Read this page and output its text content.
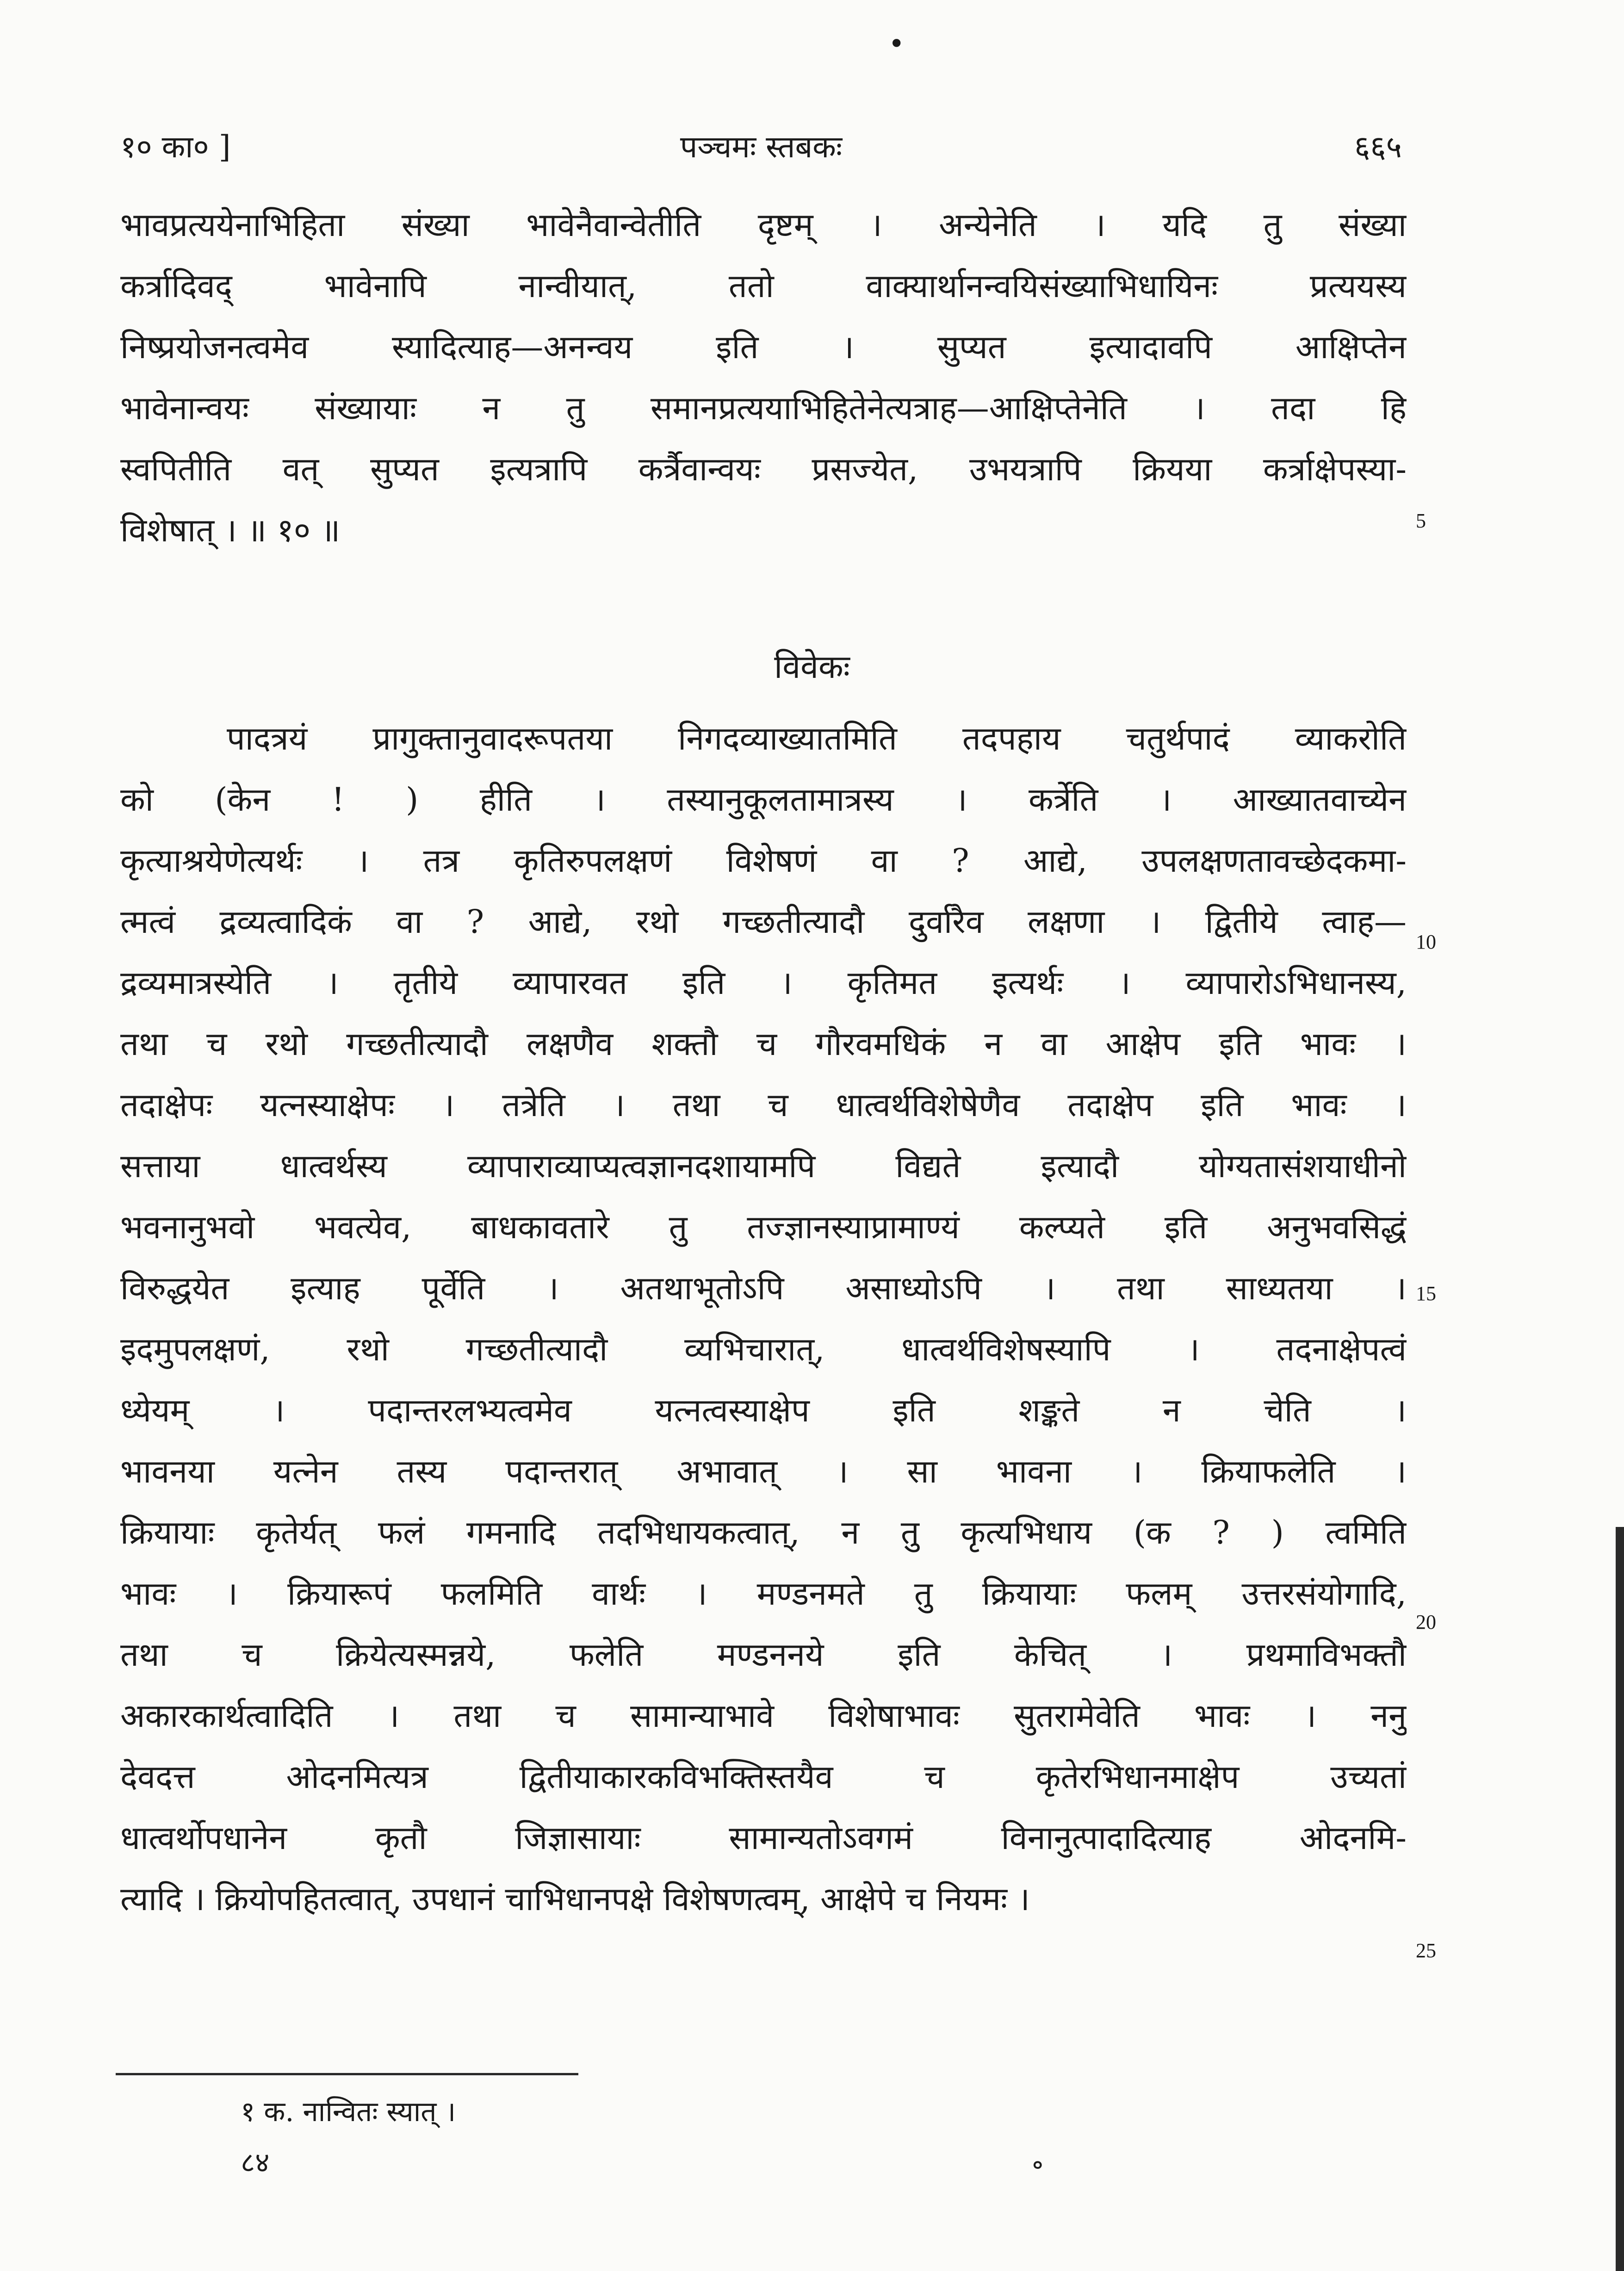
१० का० ]	पञ्चमः स्तबकः	६६५
•
भावप्रत्ययेनाभिहिता संख्या भावेनैवान्वेतीति दृष्टम् । अन्येनेति । यदि तु संख्या
कर्त्रादिवद् भावेनापि नान्वीयात्, ततो वाक्यार्थानन्वयिसंख्याभिधायिनः प्रत्ययस्य
निष्प्रयोजनत्वमेव स्यादित्याह—अनन्वय इति । सुप्यत इत्यादावपि आक्षिप्तेन
भावेनान्वयः संख्यायाः न तु समानप्रत्ययाभिहितेनेत्यत्राह—आक्षिप्तेनेति । तदा हि
स्वपितीति वत् सुप्यत इत्यत्रापि कर्त्रैवान्वयः प्रसज्येत, उभयत्रापि क्रियया कर्त्राक्षेपस्या-
विशेषात् । ॥ १० ॥
विवेकः
पादत्रयं प्रागुक्तानुवादरूपतया निगदव्याख्यातमिति तदपहाय चतुर्थपादं व्याकरोति
को (केन ! ) हीति । तस्यानुकूलतामात्रस्य । कर्त्रेति । आख्यातवाच्येन
कृत्याश्रयेणेत्यर्थः । तत्र कृतिरुपलक्षणं विशेषणं वा ? आद्ये, उपलक्षणतावच्छेदकमा-
त्मत्वं द्रव्यत्वादिकं वा ? आद्ये, रथो गच्छतीत्यादौ दुर्वारैव लक्षणा । द्वितीये त्वाह—
द्रव्यमात्रस्येति । तृतीये व्यापारवत इति । कृतिमत इत्यर्थः । व्यापारोऽभिधानस्य,
तथा च रथो गच्छतीत्यादौ लक्षणैव शक्तौ च गौरवमधिकं न वा आक्षेप इति भावः ।
तदाक्षेपः यत्नस्याक्षेपः । तत्रेति । तथा च धात्वर्थविशेषेणैव तदाक्षेप इति भावः ।
सत्ताया धात्वर्थस्य व्यापाराव्याप्यत्वज्ञानदशायामपि विद्यते इत्यादौ योग्यतासंशयाधीनो
भवनानुभवो भवत्येव, बाधकावतारे तु तज्ज्ञानस्याप्रामाण्यं कल्प्यते इति अनुभवसिद्धं
विरुद्धयेत इत्याह पूर्वेति । अतथाभूतोऽपि असाध्योऽपि । तथा साध्यतया ।
इदमुपलक्षणं, रथो गच्छतीत्यादौ व्यभिचारात्, धात्वर्थविशेषस्यापि । तदनाक्षेपत्वं
ध्येयम् । पदान्तरलभ्यत्वमेव यत्नत्वस्याक्षेप इति शङ्कते न चेति ।
भावनया यत्नेन तस्य पदान्तरात् अभावात् । सा भावना । क्रियाफलेति ।
क्रियायाः कृतेर्यत् फलं गमनादि तदभिधायकत्वात्, न तु कृत्यभिधाय (क ? ) त्वमिति
भावः । क्रियारूपं फलमिति वार्थः । मण्डनमते तु क्रियायाः फलम् उत्तरसंयोगादि,
तथा च क्रियेत्यस्मन्नये, फलेति मण्डननये इति केचित् । प्रथमाविभक्तौ
अकारकार्थत्वादिति । तथा च सामान्याभावे विशेषाभावः सुतरामेवेति भावः । ननु
देवदत्त ओदनमित्यत्र द्वितीयाकारकविभक्तिस्तयैव च कृतेरभिधानमाक्षेप उच्यतां
धात्वर्थोपधानेन कृतौ जिज्ञासायाः सामान्यतोऽवगमं विनानुत्पादादित्याह ओदनमि-
त्यादि । क्रियोपहितत्वात्, उपधानं चाभिधानपक्षे विशेषणत्वम्, आक्षेपे च नियमः ।
5
10
15
20
25
१ क. नान्वितः स्यात् ।
८४	॰
